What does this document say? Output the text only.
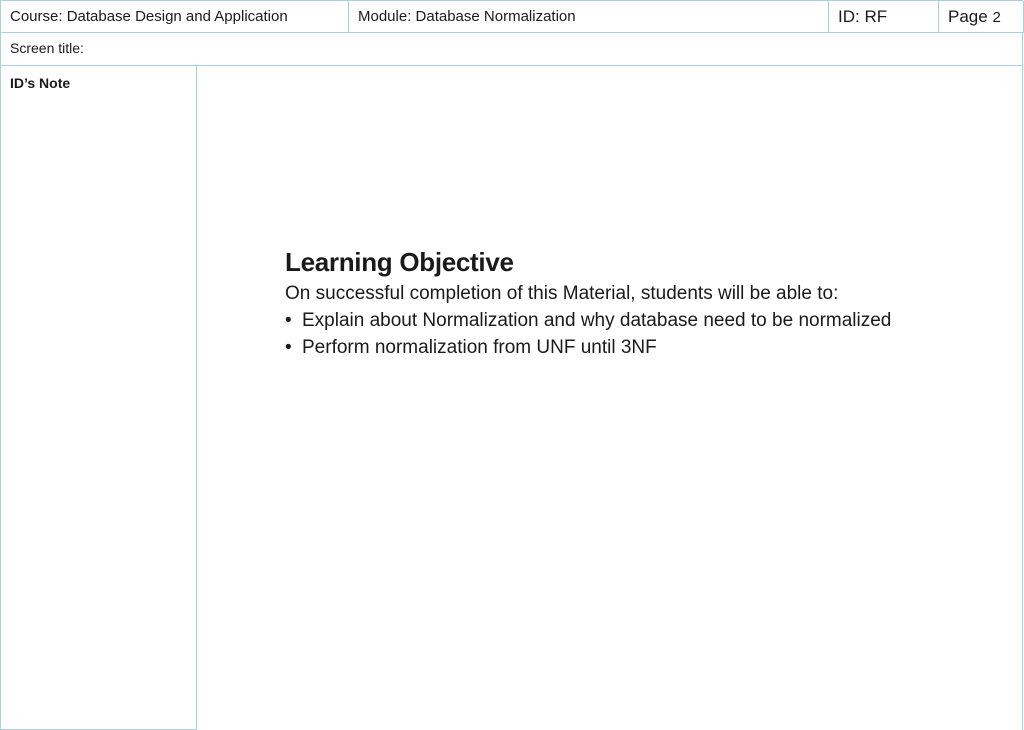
Course: Database Design and Application	Module: Database Normalization	ID: RF	Page 2
Screen title:
ID’s Note
Learning Objective
On successful completion of this Material, students will be able to:
• Explain about Normalization and why database need to be normalized
• Perform normalization from UNF until 3NF
